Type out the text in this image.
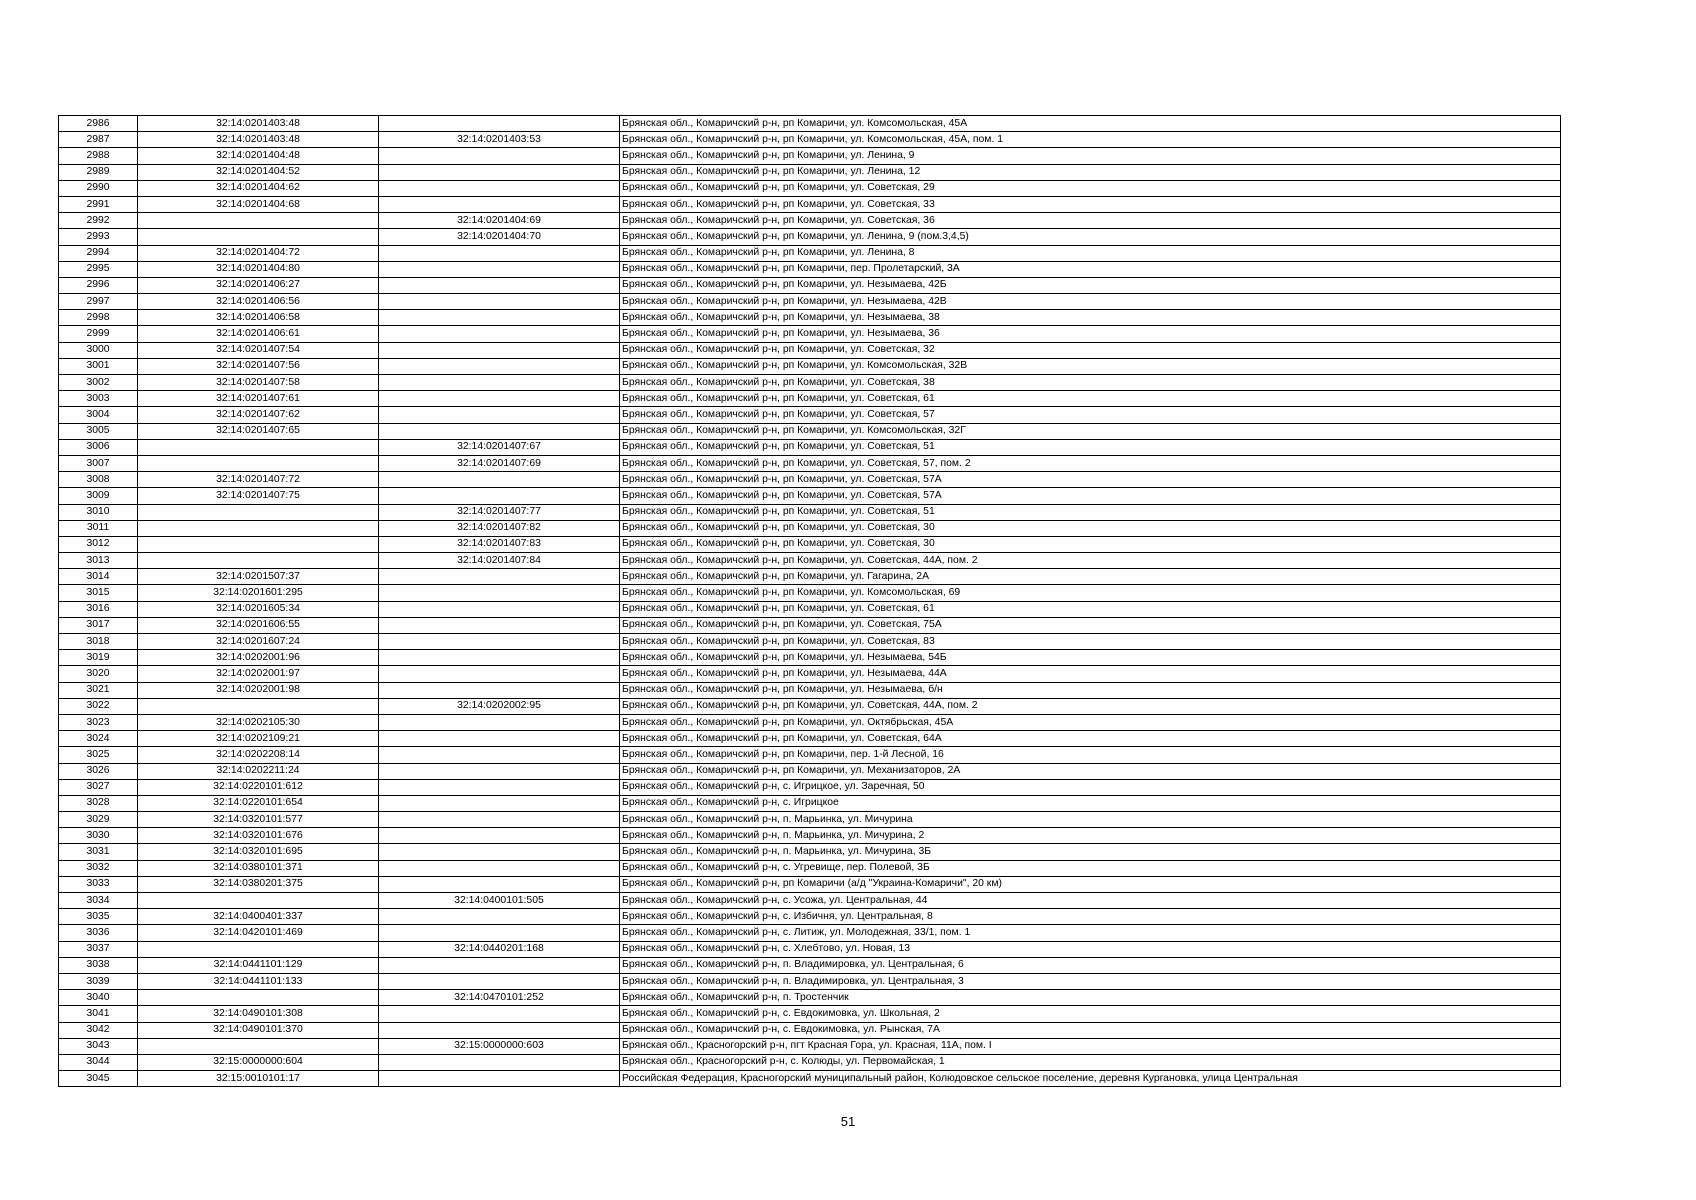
2986	32:14:0201403:48		Брянская обл., Комаричский р-н, рп Комаричи, ул. Комсомольская, 45А
2987	32:14:0201403:48	32:14:0201403:53	Брянская обл., Комаричский р-н, рп Комаричи, ул. Комсомольская, 45А, пом. 1
2988	32:14:0201404:48		Брянская обл., Комаричский р-н, рп Комаричи, ул. Ленина, 9
2989	32:14:0201404:52		Брянская обл., Комаричский р-н, рп Комаричи, ул. Ленина, 12
2990	32:14:0201404:62		Брянская обл., Комаричский р-н, рп Комаричи, ул. Советская, 29
2991	32:14:0201404:68		Брянская обл., Комаричский р-н, рп Комаричи, ул. Советская, 33
2992		32:14:0201404:69	Брянская обл., Комаричский р-н, рп Комаричи, ул. Советская, 36
2993		32:14:0201404:70	Брянская обл., Комаричский р-н, рп Комаричи, ул. Ленина, 9 (пом.3,4,5)
2994	32:14:0201404:72		Брянская обл., Комаричский р-н, рп Комаричи, ул. Ленина, 8
2995	32:14:0201404:80		Брянская обл., Комаричский р-н, рп Комаричи, пер. Пролетарский, 3А
2996	32:14:0201406:27		Брянская обл., Комаричский р-н, рп Комаричи, ул. Незымаева, 42Б
2997	32:14:0201406:56		Брянская обл., Комаричский р-н, рп Комаричи, ул. Незымаева, 42В
2998	32:14:0201406:58		Брянская обл., Комаричский р-н, рп Комаричи, ул. Незымаева, 38
2999	32:14:0201406:61		Брянская обл., Комаричский р-н, рп Комаричи, ул. Незымаева, 36
3000	32:14:0201407:54		Брянская обл., Комаричский р-н, рп Комаричи, ул. Советская, 32
3001	32:14:0201407:56		Брянская обл., Комаричский р-н, рп Комаричи, ул. Комсомольская, 32В
3002	32:14:0201407:58		Брянская обл., Комаричский р-н, рп Комаричи, ул. Советская, 38
3003	32:14:0201407:61		Брянская обл., Комаричский р-н, рп Комаричи, ул. Советская, 61
3004	32:14:0201407:62		Брянская обл., Комаричский р-н, рп Комаричи, ул. Советская, 57
3005	32:14:0201407:65		Брянская обл., Комаричский р-н, рп Комаричи, ул. Комсомольская, 32Г
3006		32:14:0201407:67	Брянская обл., Комаричский р-н, рп Комаричи, ул. Советская, 51
3007		32:14:0201407:69	Брянская обл., Комаричский р-н, рп Комаричи, ул. Советская, 57, пом. 2
3008	32:14:0201407:72		Брянская обл., Комаричский р-н, рп Комаричи, ул. Советская, 57А
3009	32:14:0201407:75		Брянская обл., Комаричский р-н, рп Комаричи, ул. Советская, 57А
3010		32:14:0201407:77	Брянская обл., Комаричский р-н, рп Комаричи, ул. Советская, 51
3011		32:14:0201407:82	Брянская обл., Комаричский р-н, рп Комаричи, ул. Советская, 30
3012		32:14:0201407:83	Брянская обл., Комаричский р-н, рп Комаричи, ул. Советская, 30
3013		32:14:0201407:84	Брянская обл., Комаричский р-н, рп Комаричи, ул. Советская, 44А, пом. 2
3014	32:14:0201507:37		Брянская обл., Комаричский р-н, рп Комаричи, ул. Гагарина, 2А
3015	32:14:0201601:295		Брянская обл., Комаричский р-н, рп Комаричи, ул. Комсомольская, 69
3016	32:14:0201605:34		Брянская обл., Комаричский р-н, рп Комаричи, ул. Советская, 61
3017	32:14:0201606:55		Брянская обл., Комаричский р-н, рп Комаричи, ул. Советская, 75А
3018	32:14:0201607:24		Брянская обл., Комаричский р-н, рп Комаричи, ул. Советская, 83
3019	32:14:0202001:96		Брянская обл., Комаричский р-н, рп Комаричи, ул. Незымаева, 54Б
3020	32:14:0202001:97		Брянская обл., Комаричский р-н, рп Комаричи, ул. Незымаева, 44А
3021	32:14:0202001:98		Брянская обл., Комаричский р-н, рп Комаричи, ул. Незымаева, б/н
3022		32:14:0202002:95	Брянская обл., Комаричский р-н, рп Комаричи, ул. Советская, 44А, пом. 2
3023	32:14:0202105:30		Брянская обл., Комаричский р-н, рп Комаричи, ул. Октябрьская, 45А
3024	32:14:0202109:21		Брянская обл., Комаричский р-н, рп Комаричи, ул. Советская, 64А
3025	32:14:0202208:14		Брянская обл., Комаричский р-н, рп Комаричи, пер. 1-й Лесной, 16
3026	32:14:0202211:24		Брянская обл., Комаричский р-н, рп Комаричи, ул. Механизаторов, 2А
3027	32:14:0220101:612		Брянская обл., Комаричский р-н, с. Игрицкое, ул. Заречная, 50
3028	32:14:0220101:654		Брянская обл., Комаричский р-н, с. Игрицкое
3029	32:14:0320101:577		Брянская обл., Комаричский р-н, п. Марьинка, ул. Мичурина
3030	32:14:0320101:676		Брянская обл., Комаричский р-н, п. Марьинка, ул. Мичурина, 2
3031	32:14:0320101:695		Брянская обл., Комаричский р-н, п. Марьинка, ул. Мичурина, 3Б
3032	32:14:0380101:371		Брянская обл., Комаричский р-н, с. Угревище, пер. Полевой, 3Б
3033	32:14:0380201:375		Брянская обл., Комаричский р-н, рп Комаричи (а/д "Украина-Комаричи", 20 км)
3034		32:14:0400101:505	Брянская обл., Комаричский р-н, с. Усожа, ул. Центральная, 44
3035	32:14:0400401:337		Брянская обл., Комаричский р-н, с. Избичня, ул. Центральная, 8
3036	32:14:0420101:469		Брянская обл., Комаричский р-н, с. Литиж, ул. Молодежная, 33/1, пом. 1
3037		32:14:0440201:168	Брянская обл., Комаричский р-н, с. Хлебтово, ул. Новая, 13
3038	32:14:0441101:129		Брянская обл., Комаричский р-н, п. Владимировка, ул. Центральная, 6
3039	32:14:0441101:133		Брянская обл., Комаричский р-н, п. Владимировка, ул. Центральная, 3
3040		32:14:0470101:252	Брянская обл., Комаричский р-н, п. Тростенчик
3041	32:14:0490101:308		Брянская обл., Комаричский р-н, с. Евдокимовка, ул. Школьная, 2
3042	32:14:0490101:370		Брянская обл., Комаричский р-н, с. Евдокимовка, ул. Рынская, 7А
3043		32:15:0000000:603	Брянская обл., Красногорский р-н, пгт Красная Гора, ул. Красная, 11А, пом. I
3044	32:15:0000000:604		Брянская обл., Красногорский р-н, с. Колюды, ул. Первомайская, 1
3045	32:15:0010101:17		Российская Федерация, Красногорский муниципальный район, Колюдовское сельское поселение, деревня Кургановка, улица Центральная
51
